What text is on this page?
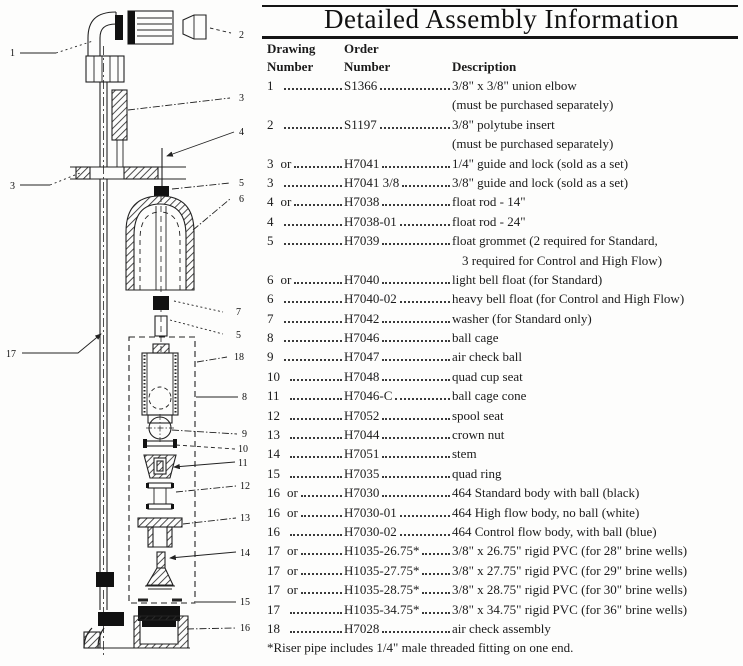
1
2
3
4
5
6
3
7
5
17	18
8
9
10
11
12
13
14
15
16
Detailed Assembly Information
Drawing	Order
Number	Number	Description
1	S1366	3/8" x 3/8" union elbow
(must be purchased separately)
2	S1197	3/8" polytube insert
(must be purchased separately)
3 or	H7041	1/4" guide and lock (sold as a set)
3	H7041 3/8	3/8" guide and lock (sold as a set)
4 or	H7038	float rod - 14"
4	H7038-01	float rod - 24"
5	H7039	float grommet (2 required for Standard,
3 required for Control and High Flow)
6 or	H7040	light bell float (for Standard)
6	H7040-02	heavy bell float (for Control and High Flow)
7	H7042	washer (for Standard only)
8	H7046	ball cage
9	H7047	air check ball
10	H7048	quad cup seat
11	H7046-C	ball cage cone
12	H7052	spool seat
13	H7044	crown nut
14	H7051	stem
15	H7035	quad ring
16 or	H7030	464 Standard body with ball (black)
16 or	H7030-01	464 High flow body, no ball (white)
16	H7030-02	464 Control flow body, with ball (blue)
17 or	H1035-26.75*	3/8" x 26.75" rigid PVC (for 28" brine wells)
17 or	H1035-27.75*	3/8" x 27.75" rigid PVC (for 29" brine wells)
17 or	H1035-28.75*	3/8" x 28.75" rigid PVC (for 30" brine wells)
17	H1035-34.75*	3/8" x 34.75" rigid PVC (for 36" brine wells)
18	H7028	air check assembly
*Riser pipe includes 1/4" male threaded fitting on one end.
